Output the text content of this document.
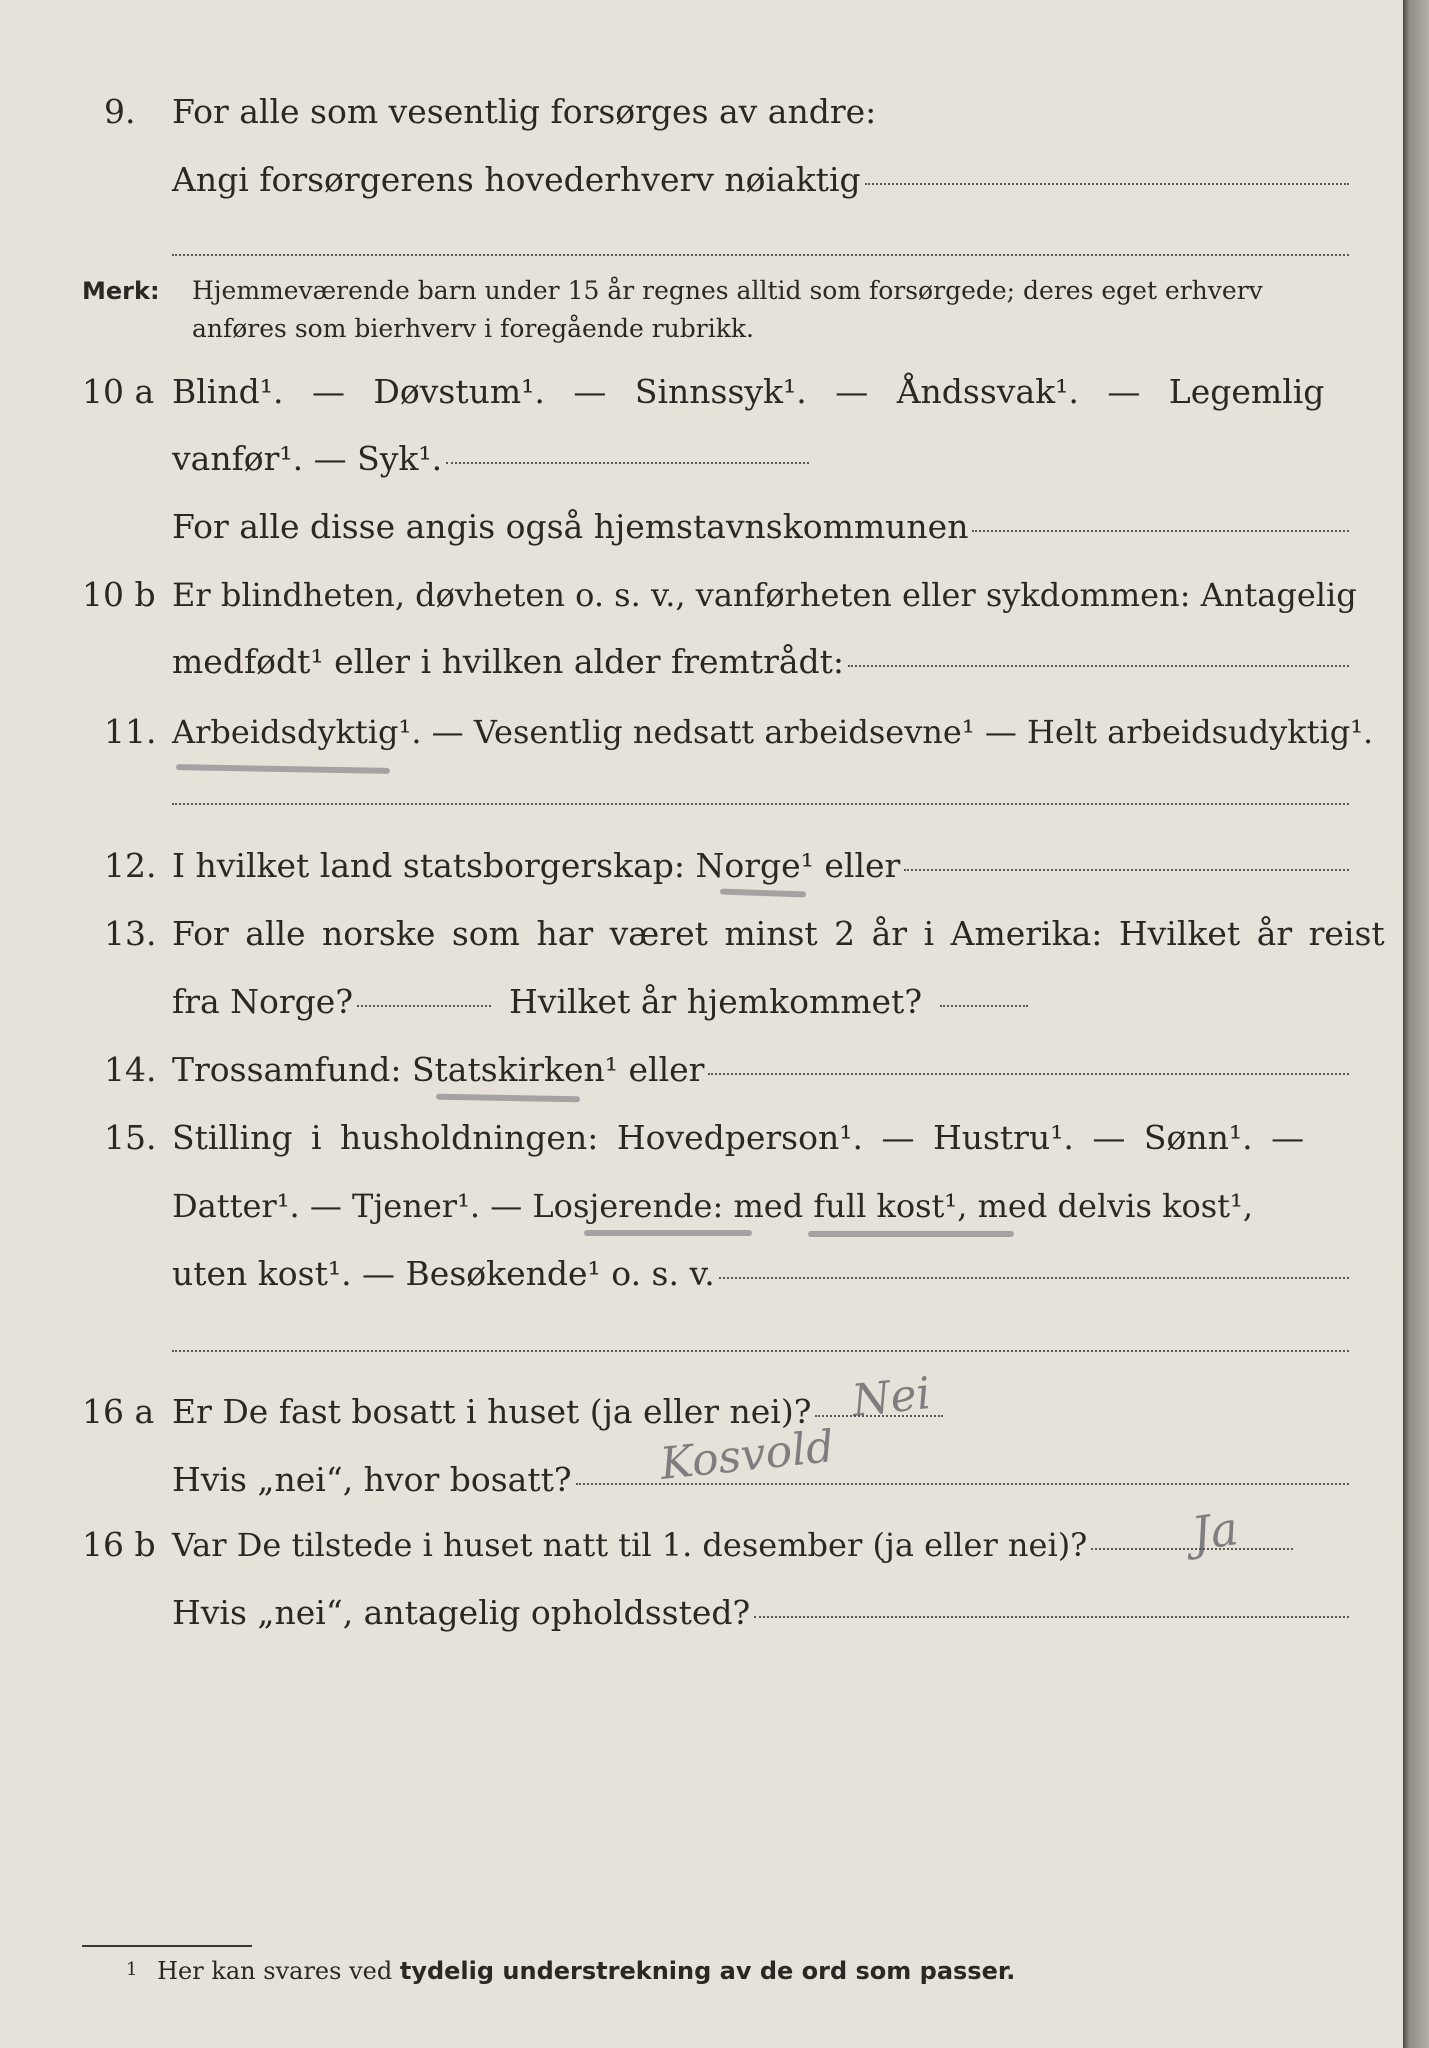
9. For alle som vesentlig forsørges av andre:
Angi forsørgerens hovederhverv nøiaktig
Merk: Hjemmeværende barn under 15 år regnes alltid som forsørgede; deres eget erhverv
anføres som bierhverv i foregående rubrikk.
10 a Blind¹. — Døvstum¹. — Sinnssyk¹. — Åndssvak¹. — Legemlig
vanfør¹. — Syk¹.
For alle disse angis også hjemstavnskommunen
10 b Er blindheten, døvheten o. s. v., vanførheten eller sykdommen: Antagelig
medfødt¹ eller i hvilken alder fremtrådt:
11. Arbeidsdyktig¹. — Vesentlig nedsatt arbeidsevne¹ — Helt arbeidsudyktig¹.
12. I hvilket land statsborgerskap: Norge¹ eller
13. For alle norske som har været minst 2 år i Amerika: Hvilket år reist
fra Norge?	Hvilket år hjemkommet?
14. Trossamfund: Statskirken¹ eller
15. Stilling i husholdningen: Hovedperson¹. — Hustru¹. — Sønn¹. —
Datter¹. — Tjener¹. — Losjerende: med full kost¹, med delvis kost¹,
uten kost¹. — Besøkende¹ o. s. v.
16 a Er De fast bosatt i huset (ja eller nei)? Nei
Hvis „nei“, hvor bosatt? Kosvold
16 b Var De tilstede i huset natt til 1. desember (ja eller nei)? Ja
Hvis „nei“, antagelig opholdssted?
1 Her kan svares ved tydelig understrekning av de ord som passer.
